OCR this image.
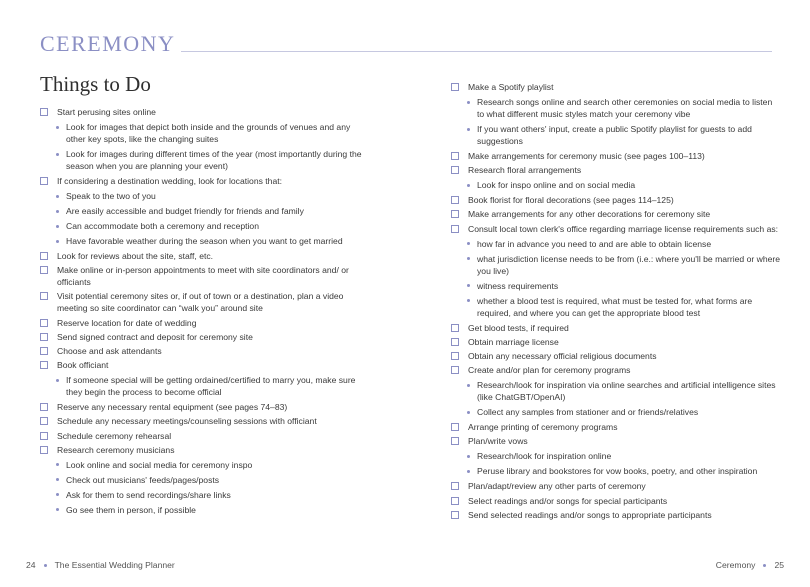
CEREMONY
Things to Do
Start perusing sites online
Look for images that depict both inside and the grounds of venues and any other key spots, like the changing suites
Look for images during different times of the year (most importantly during the season when you are planning your event)
If considering a destination wedding, look for locations that:
Speak to the two of you
Are easily accessible and budget friendly for friends and family
Can accommodate both a ceremony and reception
Have favorable weather during the season when you want to get married
Look for reviews about the site, staff, etc.
Make online or in-person appointments to meet with site coordinators and/ or officiants
Visit potential ceremony sites or, if out of town or a destination, plan a video meeting so site coordinator can “walk you” around site
Reserve location for date of wedding
Send signed contract and deposit for ceremony site
Choose and ask attendants
Book officiant
If someone special will be getting ordained/certified to marry you, make sure they begin the process to become official
Reserve any necessary rental equipment (see pages 74–83)
Schedule any necessary meetings/counseling sessions with officiant
Schedule ceremony rehearsal
Research ceremony musicians
Look online and social media for ceremony inspo
Check out musicians' feeds/pages/posts
Ask for them to send recordings/share links
Go see them in person, if possible
Make a Spotify playlist
Research songs online and search other ceremonies on social media to listen to what different music styles match your ceremony vibe
If you want others' input, create a public Spotify playlist for guests to add suggestions
Make arrangements for ceremony music (see pages 100–113)
Research floral arrangements
Look for inspo online and on social media
Book florist for floral decorations (see pages 114–125)
Make arrangements for any other decorations for ceremony site
Consult local town clerk's office regarding marriage license requirements such as:
how far in advance you need to and are able to obtain license
what jurisdiction license needs to be from (i.e.: where you'll be married or where you live)
witness requirements
whether a blood test is required, what must be tested for, what forms are required, and where you can get the appropriate blood test
Get blood tests, if required
Obtain marriage license
Obtain any necessary official religious documents
Create and/or plan for ceremony programs
Research/look for inspiration via online searches and artificial intelligence sites (like ChatGBT/OpenAI)
Collect any samples from stationer and or friends/relatives
Arrange printing of ceremony programs
Plan/write vows
Research/look for inspiration online
Peruse library and bookstores for vow books, poetry, and other inspiration
Plan/adapt/review any other parts of ceremony
Select readings and/or songs for special participants
Send selected readings and/or songs to appropriate participants
24 The Essential Wedding Planner	Ceremony 25
